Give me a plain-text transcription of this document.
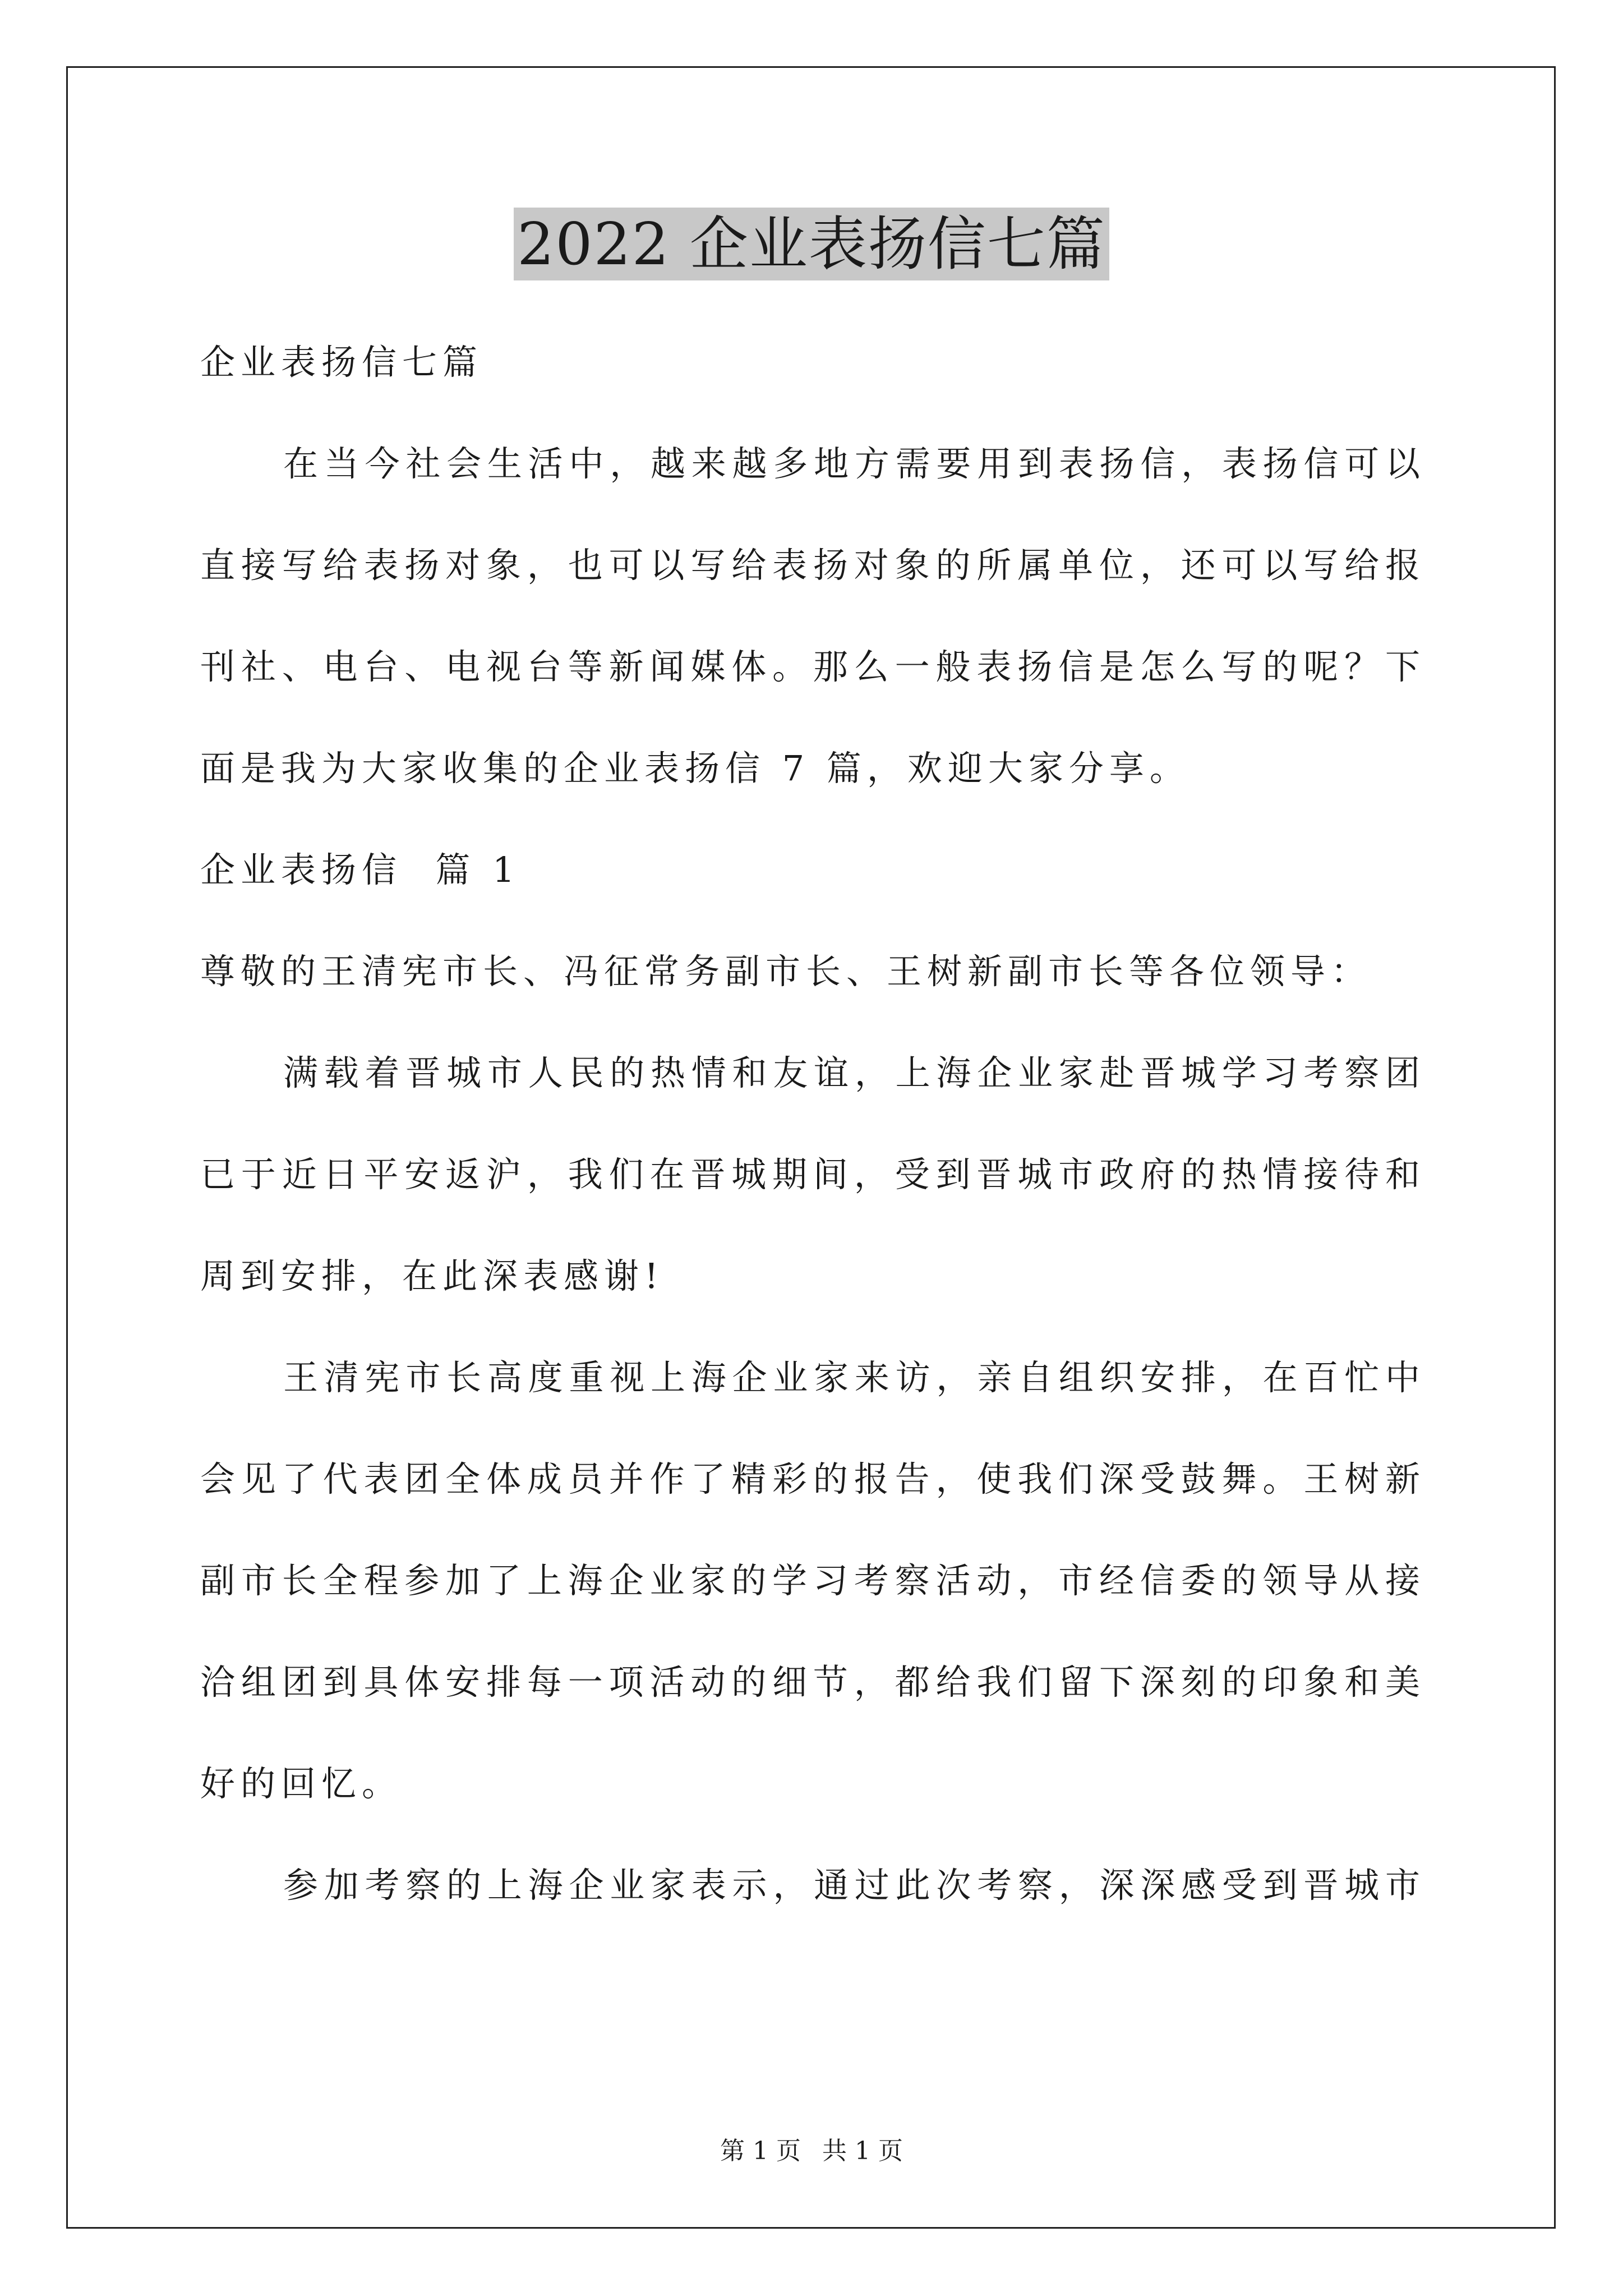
2022 企业表扬信七篇
企业表扬信七篇
在当今社会生活中，越来越多地方需要用到表扬信，表扬信可以
直接写给表扬对象，也可以写给表扬对象的所属单位，还可以写给报
刊社、电台、电视台等新闻媒体。那么一般表扬信是怎么写的呢？下
面是我为大家收集的企业表扬信 7 篇，欢迎大家分享。
企业表扬信  篇 1
尊敬的王清宪市长、冯征常务副市长、王树新副市长等各位领导：
满载着晋城市人民的热情和友谊，上海企业家赴晋城学习考察团
已于近日平安返沪，我们在晋城期间，受到晋城市政府的热情接待和
周到安排，在此深表感谢!
王清宪市长高度重视上海企业家来访，亲自组织安排，在百忙中
会见了代表团全体成员并作了精彩的报告，使我们深受鼓舞。王树新
副市长全程参加了上海企业家的学习考察活动，市经信委的领导从接
洽组团到具体安排每一项活动的细节，都给我们留下深刻的印象和美
好的回忆。
参加考察的上海企业家表示，通过此次考察，深深感受到晋城市
第 1 页 共 1 页
